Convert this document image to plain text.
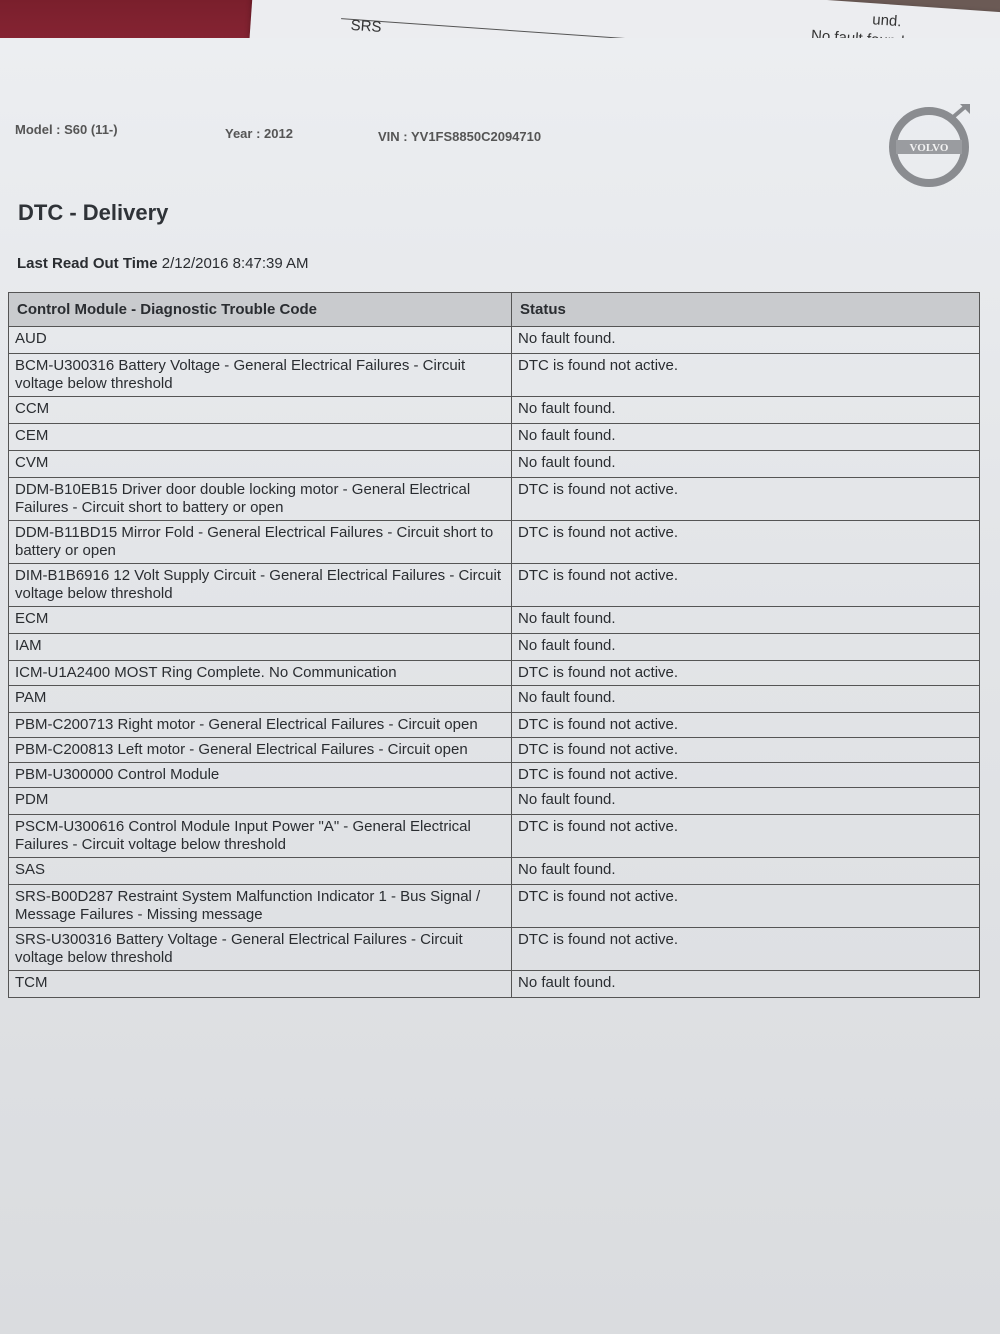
SRS	und.
Model : S60 (11-)	Year : 2012	VIN : YV1FS8850C2094710
VOLVO
DTC - Delivery
Last Read Out Time 2/12/2016 8:47:39 AM
Control Module - Diagnostic Trouble Code	Status
AUD	No fault found.
BCM-U300316 Battery Voltage - General Electrical Failures - Circuit voltage below threshold	DTC is found not active.
CCM	No fault found.
CEM	No fault found.
CVM	No fault found.
DDM-B10EB15 Driver door double locking motor - General Electrical Failures - Circuit short to battery or open	DTC is found not active.
DDM-B11BD15 Mirror Fold - General Electrical Failures - Circuit short to battery or open	DTC is found not active.
DIM-B1B6916 12 Volt Supply Circuit - General Electrical Failures - Circuit voltage below threshold	DTC is found not active.
ECM	No fault found.
IAM	No fault found.
ICM-U1A2400 MOST Ring Complete. No Communication	DTC is found not active.
PAM	No fault found.
PBM-C200713 Right motor - General Electrical Failures - Circuit open	DTC is found not active.
PBM-C200813 Left motor - General Electrical Failures - Circuit open	DTC is found not active.
PBM-U300000 Control Module	DTC is found not active.
PDM	No fault found.
PSCM-U300616 Control Module Input Power "A" - General Electrical Failures - Circuit voltage below threshold	DTC is found not active.
SAS	No fault found.
SRS-B00D287 Restraint System Malfunction Indicator 1 - Bus Signal / Message Failures - Missing message	DTC is found not active.
SRS-U300316 Battery Voltage - General Electrical Failures - Circuit voltage below threshold	DTC is found not active.
TCM	No fault found.
